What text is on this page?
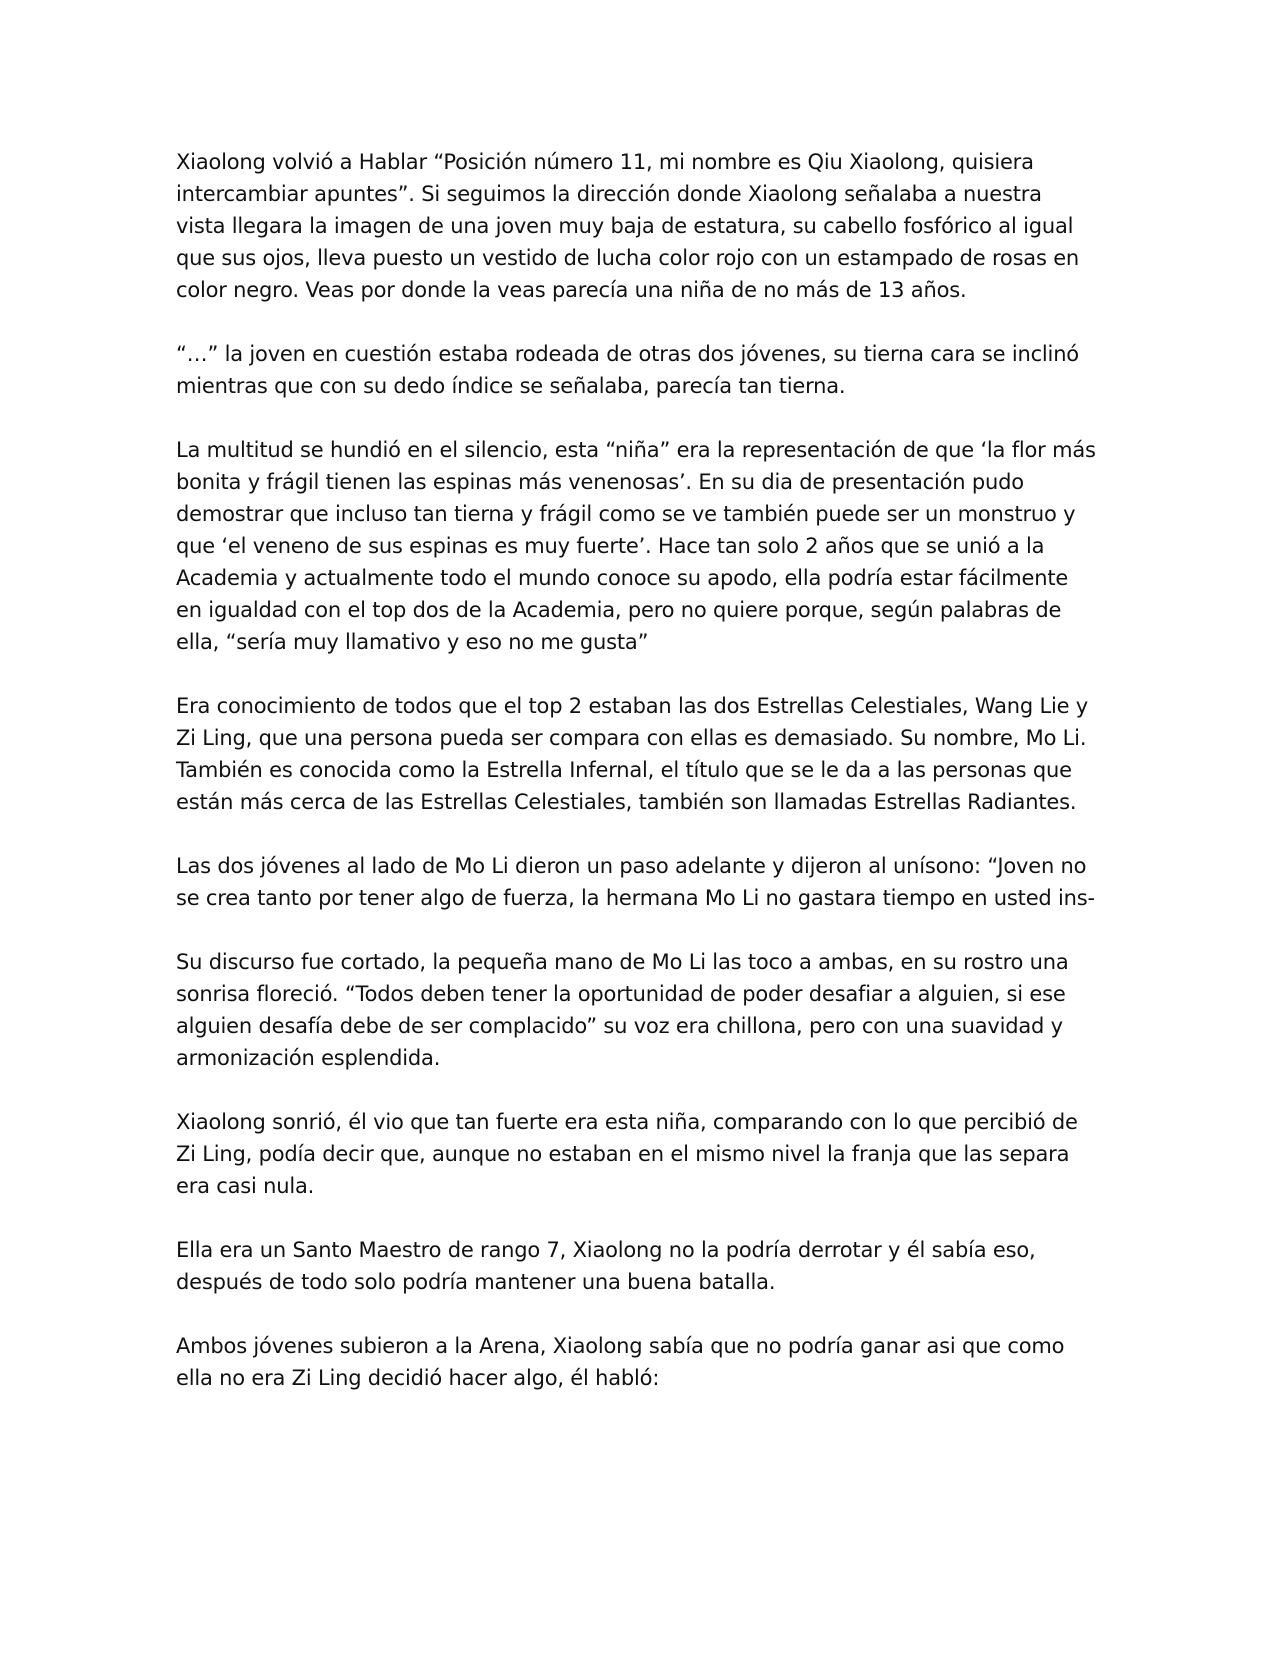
Xiaolong volvió a Hablar “Posición número 11, mi nombre es Qiu Xiaolong, quisiera intercambiar apuntes”. Si seguimos la dirección donde Xiaolong señalaba a nuestra vista llegara la imagen de una joven muy baja de estatura, su cabello fosfórico al igual que sus ojos, lleva puesto un vestido de lucha color rojo con un estampado de rosas en color negro. Veas por donde la veas parecía una niña de no más de 13 años.

“…” la joven en cuestión estaba rodeada de otras dos jóvenes, su tierna cara se inclinó mientras que con su dedo índice se señalaba, parecía tan tierna.

La multitud se hundió en el silencio, esta “niña” era la representación de que ‘la flor más bonita y frágil tienen las espinas más venenosas’. En su dia de presentación pudo demostrar que incluso tan tierna y frágil como se ve también puede ser un monstruo y que ‘el veneno de sus espinas es muy fuerte’. Hace tan solo 2 años que se unió a la Academia y actualmente todo el mundo conoce su apodo, ella podría estar fácilmente en igualdad con el top dos de la Academia, pero no quiere porque, según palabras de ella, “sería muy llamativo y eso no me gusta”

Era conocimiento de todos que el top 2 estaban las dos Estrellas Celestiales, Wang Lie y Zi Ling, que una persona pueda ser compara con ellas es demasiado. Su nombre, Mo Li. También es conocida como la Estrella Infernal, el título que se le da a las personas que están más cerca de las Estrellas Celestiales, también son llamadas Estrellas Radiantes.

Las dos jóvenes al lado de Mo Li dieron un paso adelante y dijeron al unísono: “Joven no se crea tanto por tener algo de fuerza, la hermana Mo Li no gastara tiempo en usted ins-

Su discurso fue cortado, la pequeña mano de Mo Li las toco a ambas, en su rostro una sonrisa floreció. “Todos deben tener la oportunidad de poder desafiar a alguien, si ese alguien desafía debe de ser complacido” su voz era chillona, pero con una suavidad y armonización esplendida.

Xiaolong sonrió, él vio que tan fuerte era esta niña, comparando con lo que percibió de Zi Ling, podía decir que, aunque no estaban en el mismo nivel la franja que las separa era casi nula.

Ella era un Santo Maestro de rango 7, Xiaolong no la podría derrotar y él sabía eso, después de todo solo podría mantener una buena batalla.

Ambos jóvenes subieron a la Arena, Xiaolong sabía que no podría ganar asi que como ella no era Zi Ling decidió hacer algo, él habló:
